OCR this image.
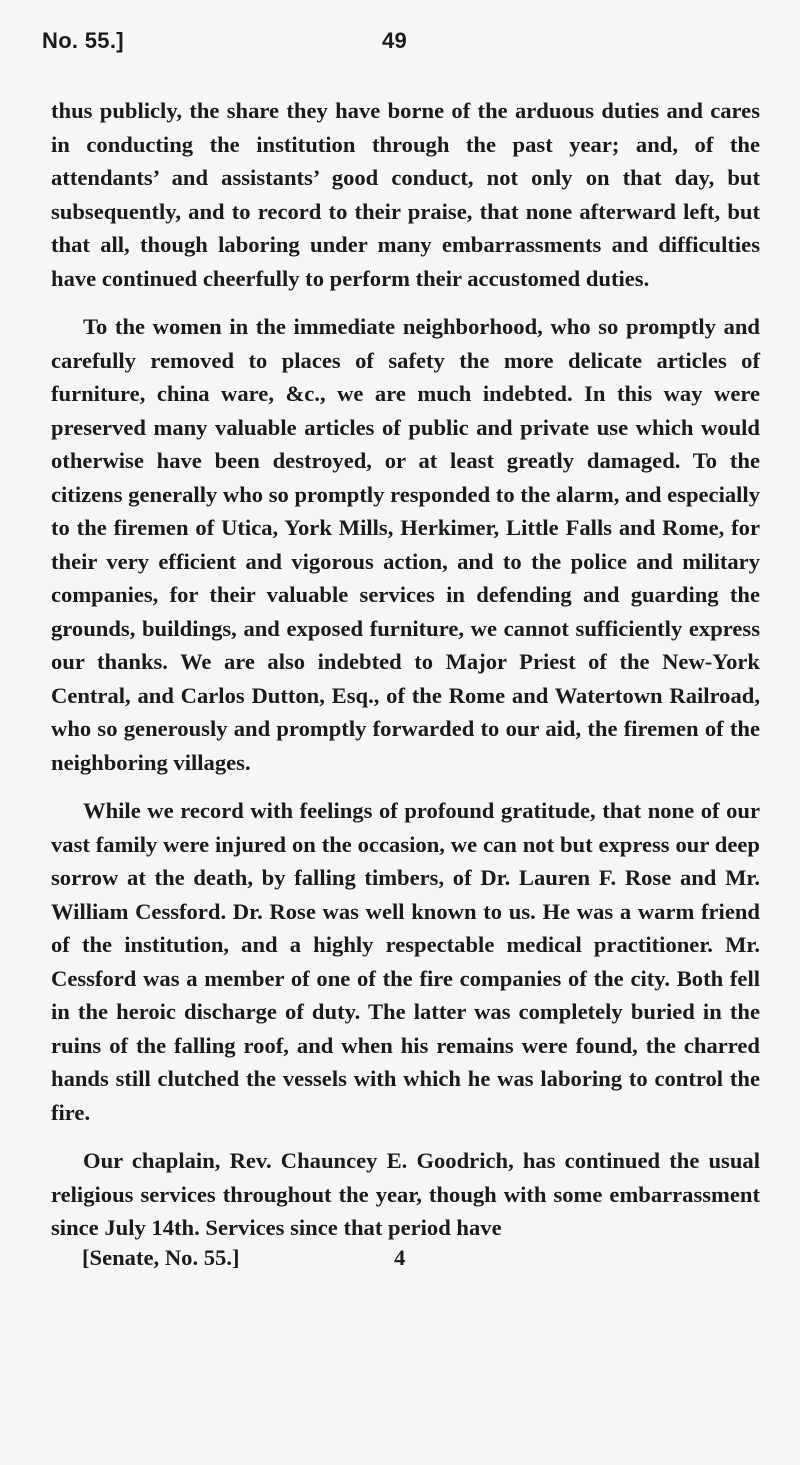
No. 55.]	49

thus publicly, the share they have borne of the arduous duties and cares in conducting the institution through the past year; and, of the attendants’ and assistants’ good conduct, not only on that day, but subsequently, and to record to their praise, that none afterward left, but that all, though laboring under many embarrassments and difficulties have continued cheerfully to perform their accustomed duties.

To the women in the immediate neighborhood, who so promptly and carefully removed to places of safety the more delicate articles of furniture, china ware, &c., we are much indebted. In this way were preserved many valuable articles of public and private use which would otherwise have been destroyed, or at least greatly damaged. To the citizens generally who so promptly responded to the alarm, and especially to the firemen of Utica, York Mills, Herkimer, Little Falls and Rome, for their very efficient and vigorous action, and to the police and military companies, for their valuable services in defending and guarding the grounds, buildings, and exposed furniture, we cannot sufficiently express our thanks. We are also indebted to Major Priest of the New-York Central, and Carlos Dutton, Esq., of the Rome and Watertown Railroad, who so generously and promptly forwarded to our aid, the firemen of the neighboring villages.

While we record with feelings of profound gratitude, that none of our vast family were injured on the occasion, we can not but express our deep sorrow at the death, by falling timbers, of Dr. Lauren F. Rose and Mr. William Cessford. Dr. Rose was well known to us. He was a warm friend of the institution, and a highly respectable medical practitioner. Mr. Cessford was a member of one of the fire companies of the city. Both fell in the heroic discharge of duty. The latter was completely buried in the ruins of the falling roof, and when his remains were found, the charred hands still clutched the vessels with which he was laboring to control the fire.

Our chaplain, Rev. Chauncey E. Goodrich, has continued the usual religious services throughout the year, though with some embarrassment since July 14th. Services since that period have

[Senate, No. 55.]	4
